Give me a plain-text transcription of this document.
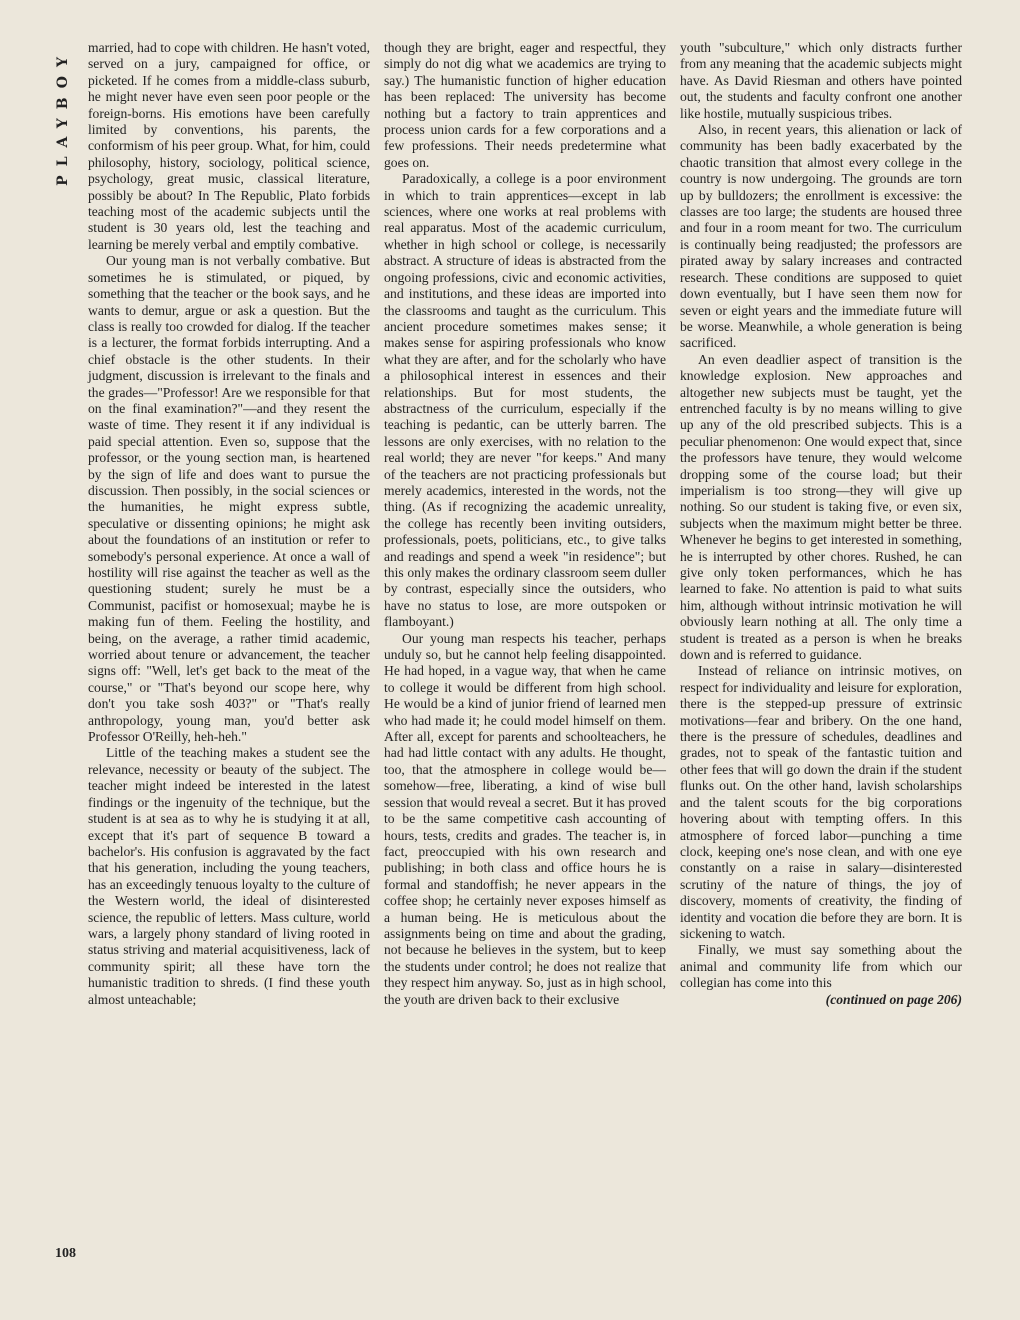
PLAYBOY
108

married, had to cope with children. He hasn't voted, served on a jury, campaigned for office, or picketed. If he comes from a middle-class suburb, he might never have even seen poor people or the foreign-borns. His emotions have been carefully limited by conventions, his parents, the conformism of his peer group. What, for him, could philosophy, history, sociology, political science, psychology, great music, classical literature, possibly be about? In The Republic, Plato forbids teaching most of the academic subjects until the student is 30 years old, lest the teaching and learning be merely verbal and emptily combative.

Our young man is not verbally combative. But sometimes he is stimulated, or piqued, by something that the teacher or the book says, and he wants to demur, argue or ask a question. But the class is really too crowded for dialog. If the teacher is a lecturer, the format forbids interrupting. And a chief obstacle is the other students. In their judgment, discussion is irrelevant to the finals and the grades—"Professor! Are we responsible for that on the final examination?"—and they resent the waste of time. They resent it if any individual is paid special attention. Even so, suppose that the professor, or the young section man, is heartened by the sign of life and does want to pursue the discussion. Then possibly, in the social sciences or the humanities, he might express subtle, speculative or dissenting opinions; he might ask about the foundations of an institution or refer to somebody's personal experience. At once a wall of hostility will rise against the teacher as well as the questioning student; surely he must be a Communist, pacifist or homosexual; maybe he is making fun of them. Feeling the hostility, and being, on the average, a rather timid academic, worried about tenure or advancement, the teacher signs off: "Well, let's get back to the meat of the course," or "That's beyond our scope here, why don't you take sosh 403?" or "That's really anthropology, young man, you'd better ask Professor O'Reilly, heh-heh."

Little of the teaching makes a student see the relevance, necessity or beauty of the subject. The teacher might indeed be interested in the latest findings or the ingenuity of the technique, but the student is at sea as to why he is studying it at all, except that it's part of sequence B toward a bachelor's. His confusion is aggravated by the fact that his generation, including the young teachers, has an exceedingly tenuous loyalty to the culture of the Western world, the ideal of disinterested science, the republic of letters. Mass culture, world wars, a largely phony standard of living rooted in status striving and material acquisitiveness, lack of community spirit; all these have torn the humanistic tradition to shreds. (I find these youth almost unteachable;

though they are bright, eager and respectful, they simply do not dig what we academics are trying to say.) The humanistic function of higher education has been replaced: The university has become nothing but a factory to train apprentices and process union cards for a few corporations and a few professions. Their needs predetermine what goes on.

Paradoxically, a college is a poor environment in which to train apprentices—except in lab sciences, where one works at real problems with real apparatus. Most of the academic curriculum, whether in high school or college, is necessarily abstract. A structure of ideas is abstracted from the ongoing professions, civic and economic activities, and institutions, and these ideas are imported into the classrooms and taught as the curriculum. This ancient procedure sometimes makes sense; it makes sense for aspiring professionals who know what they are after, and for the scholarly who have a philosophical interest in essences and their relationships. But for most students, the abstractness of the curriculum, especially if the teaching is pedantic, can be utterly barren. The lessons are only exercises, with no relation to the real world; they are never "for keeps." And many of the teachers are not practicing professionals but merely academics, interested in the words, not the thing. (As if recognizing the academic unreality, the college has recently been inviting outsiders, professionals, poets, politicians, etc., to give talks and readings and spend a week "in residence"; but this only makes the ordinary classroom seem duller by contrast, especially since the outsiders, who have no status to lose, are more outspoken or flamboyant.)

Our young man respects his teacher, perhaps unduly so, but he cannot help feeling disappointed. He had hoped, in a vague way, that when he came to college it would be different from high school. He would be a kind of junior friend of learned men who had made it; he could model himself on them. After all, except for parents and schoolteachers, he had had little contact with any adults. He thought, too, that the atmosphere in college would be—somehow—free, liberating, a kind of wise bull session that would reveal a secret. But it has proved to be the same competitive cash accounting of hours, tests, credits and grades. The teacher is, in fact, preoccupied with his own research and publishing; in both class and office hours he is formal and standoffish; he never appears in the coffee shop; he certainly never exposes himself as a human being. He is meticulous about the assignments being on time and about the grading, not because he believes in the system, but to keep the students under control; he does not realize that they respect him anyway. So, just as in high school, the youth are driven back to their exclusive

youth "subculture," which only distracts further from any meaning that the academic subjects might have. As David Riesman and others have pointed out, the students and faculty confront one another like hostile, mutually suspicious tribes.

Also, in recent years, this alienation or lack of community has been badly exacerbated by the chaotic transition that almost every college in the country is now undergoing. The grounds are torn up by bulldozers; the enrollment is excessive: the classes are too large; the students are housed three and four in a room meant for two. The curriculum is continually being readjusted; the professors are pirated away by salary increases and contracted research. These conditions are supposed to quiet down eventually, but I have seen them now for seven or eight years and the immediate future will be worse. Meanwhile, a whole generation is being sacrificed.

An even deadlier aspect of transition is the knowledge explosion. New approaches and altogether new subjects must be taught, yet the entrenched faculty is by no means willing to give up any of the old prescribed subjects. This is a peculiar phenomenon: One would expect that, since the professors have tenure, they would welcome dropping some of the course load; but their imperialism is too strong—they will give up nothing. So our student is taking five, or even six, subjects when the maximum might better be three. Whenever he begins to get interested in something, he is interrupted by other chores. Rushed, he can give only token performances, which he has learned to fake. No attention is paid to what suits him, although without intrinsic motivation he will obviously learn nothing at all. The only time a student is treated as a person is when he breaks down and is referred to guidance.

Instead of reliance on intrinsic motives, on respect for individuality and leisure for exploration, there is the stepped-up pressure of extrinsic motivations—fear and bribery. On the one hand, there is the pressure of schedules, deadlines and grades, not to speak of the fantastic tuition and other fees that will go down the drain if the student flunks out. On the other hand, lavish scholarships and the talent scouts for the big corporations hovering about with tempting offers. In this atmosphere of forced labor—punching a time clock, keeping one's nose clean, and with one eye constantly on a raise in salary—disinterested scrutiny of the nature of things, the joy of discovery, moments of creativity, the finding of identity and vocation die before they are born. It is sickening to watch.

Finally, we must say something about the animal and community life from which our collegian has come into this

(continued on page 206)
